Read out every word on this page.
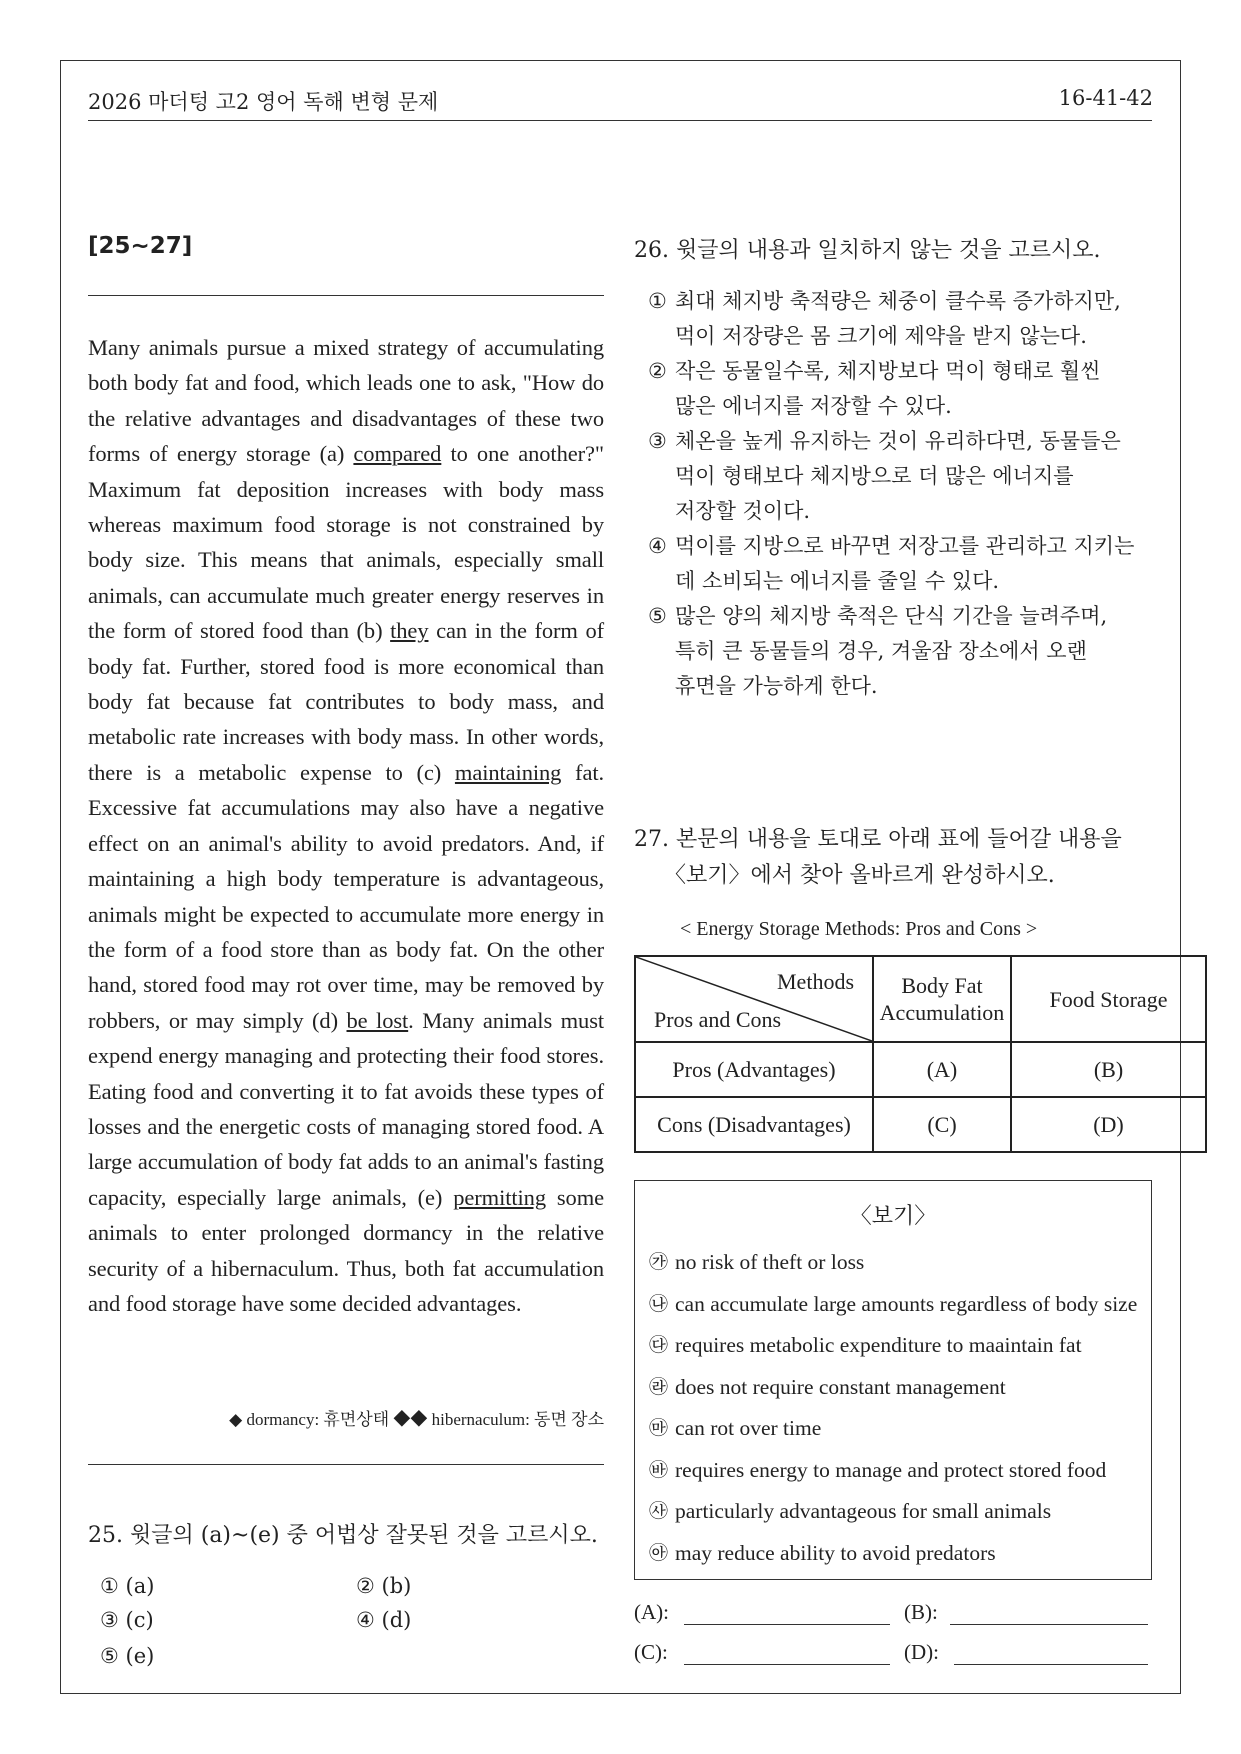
2026 마더텅 고2 영어 독해 변형 문제	16-41-42
[25~27]
Many animals pursue a mixed strategy of accumulating both body fat and food, which leads one to ask, "How do the relative advantages and disadvantages of these two forms of energy storage (a) compared to one another?" Maximum fat deposition increases with body mass whereas maximum food storage is not constrained by body size. This means that animals, especially small animals, can accumulate much greater energy reserves in the form of stored food than (b) they can in the form of body fat. Further, stored food is more economical than body fat because fat contributes to body mass, and metabolic rate increases with body mass. In other words, there is a metabolic expense to (c) maintaining fat. Excessive fat accumulations may also have a negative effect on an animal's ability to avoid predators. And, if maintaining a high body temperature is advantageous, animals might be expected to accumulate more energy in the form of a food store than as body fat. On the other hand, stored food may rot over time, may be removed by robbers, or may simply (d) be lost. Many animals must expend energy managing and protecting their food stores. Eating food and converting it to fat avoids these types of losses and the energetic costs of managing stored food. A large accumulation of body fat adds to an animal's fasting capacity, especially large animals, (e) permitting some animals to enter prolonged dormancy in the relative security of a hibernaculum. Thus, both fat accumulation and food storage have some decided advantages.
◆ dormancy: 휴면상태 ◆◆ hibernaculum: 동면 장소
25. 윗글의 (a)~(e) 중 어법상 잘못된 것을 고르시오.
① (a)	② (b)
③ (c)	④ (d)
⑤ (e)
26. 윗글의 내용과 일치하지 않는 것을 고르시오.
① 최대 체지방 축적량은 체중이 클수록 증가하지만,
먹이 저장량은 몸 크기에 제약을 받지 않는다.
② 작은 동물일수록, 체지방보다 먹이 형태로 훨씬
많은 에너지를 저장할 수 있다.
③ 체온을 높게 유지하는 것이 유리하다면, 동물들은
먹이 형태보다 체지방으로 더 많은 에너지를
저장할 것이다.
④ 먹이를 지방으로 바꾸면 저장고를 관리하고 지키는
데 소비되는 에너지를 줄일 수 있다.
⑤ 많은 양의 체지방 축적은 단식 기간을 늘려주며,
특히 큰 동물들의 경우, 겨울잠 장소에서 오랜
휴면을 가능하게 한다.
27. 본문의 내용을 토대로 아래 표에 들어갈 내용을
〈보기〉에서 찾아 올바르게 완성하시오.
< Energy Storage Methods: Pros and Cons >
Methods
Pros and Cons	Body Fat Accumulation	Food Storage
Pros (Advantages)	(A)	(B)
Cons (Disadvantages)	(C)	(D)
〈보기〉
㉮ no risk of theft or loss
㉯ can accumulate large amounts regardless of body size
㉰ requires metabolic expenditure to maaintain fat
㉱ does not require constant management
㉲ can rot over time
㉳ requires energy to manage and protect stored food
㉴ particularly advantageous for small animals
㉵ may reduce ability to avoid predators
(A):	(B):
(C):	(D):
